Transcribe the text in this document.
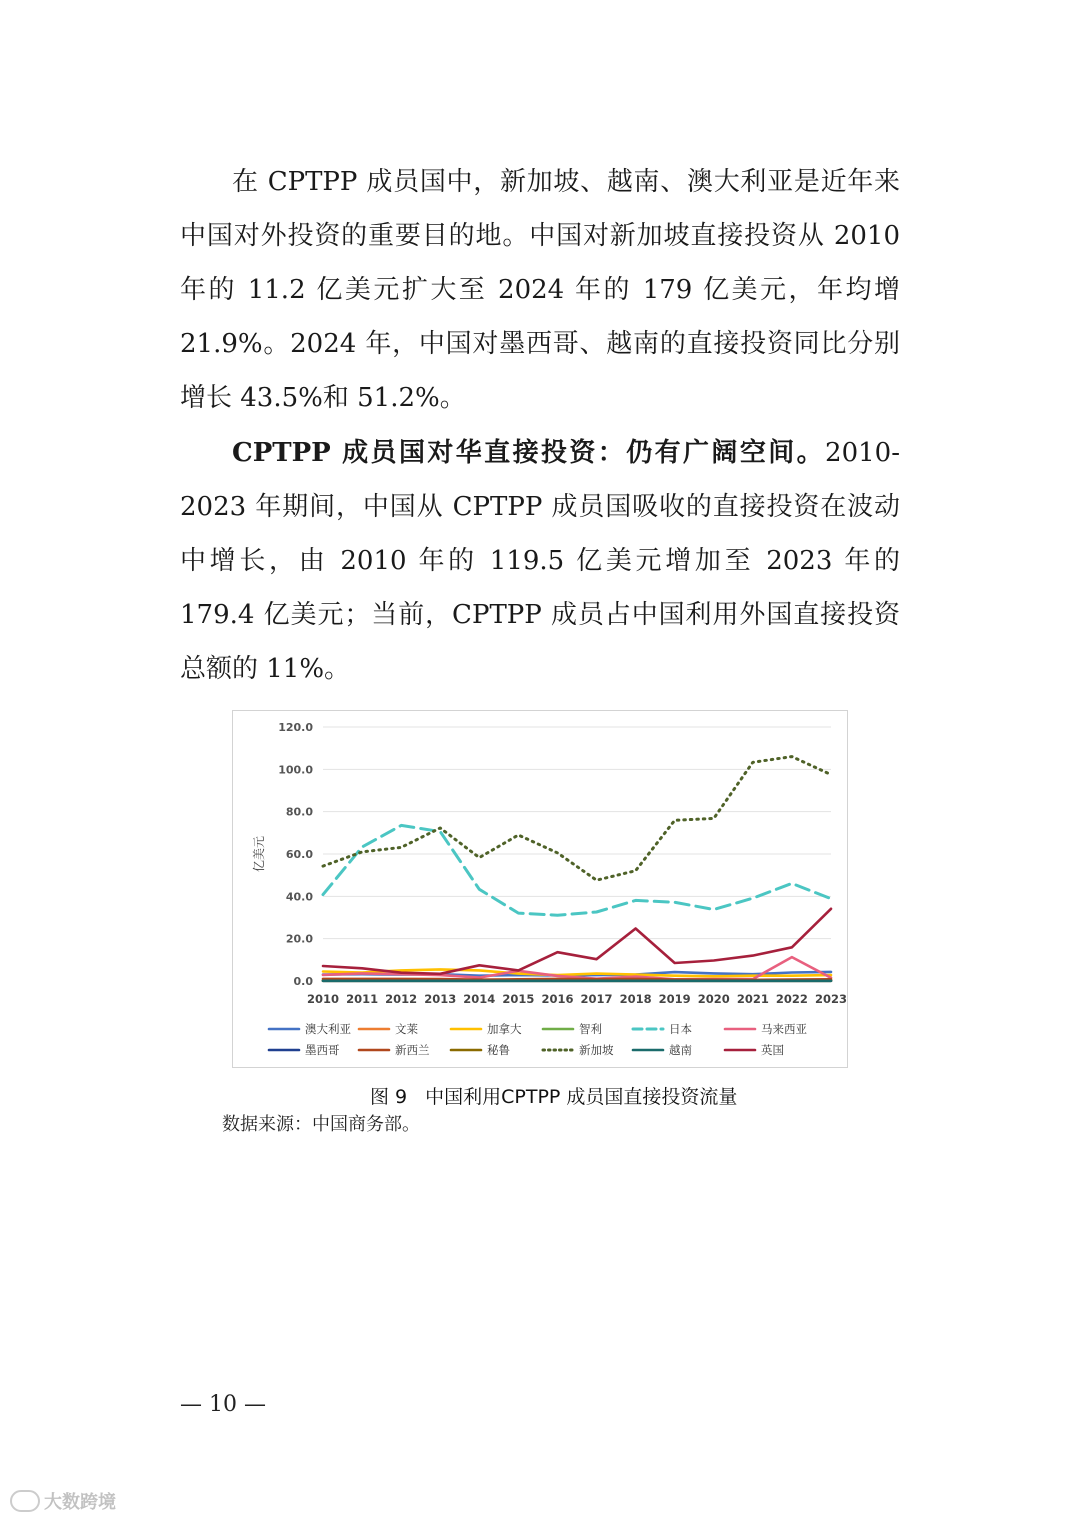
在 CPTPP 成员国中，新加坡、越南、澳大利亚是近年来中国对外投资的重要目的地。中国对新加坡直接投资从 2010 年的 11.2 亿美元扩大至 2024 年的 179 亿美元，年均增 21.9%。2024 年，中国对墨西哥、越南的直接投资同比分别增长 43.5%和 51.2%。

CPTPP 成员国对华直接投资：仍有广阔空间。2010-2023 年期间，中国从 CPTPP 成员国吸收的直接投资在波动中增长，由 2010 年的 119.5 亿美元增加至 2023 年的 179.4 亿美元；当前，CPTPP 成员占中国利用外国直接投资总额的 11%。

0.0
20.0
40.0
60.0
80.0
100.0
120.0
2010 2011 2012 2013 2014 2015 2016 2017 2018 2019 2020 2021 2022 2023
亿美元
澳大利亚	文莱	加拿大	智利	日本	马来西亚
墨西哥	新西兰	秘鲁	新加坡	越南	英国
图 9 中国利用CPTPP 成员国直接投资流量
数据来源：中国商务部。
— 10 —
大数跨境
